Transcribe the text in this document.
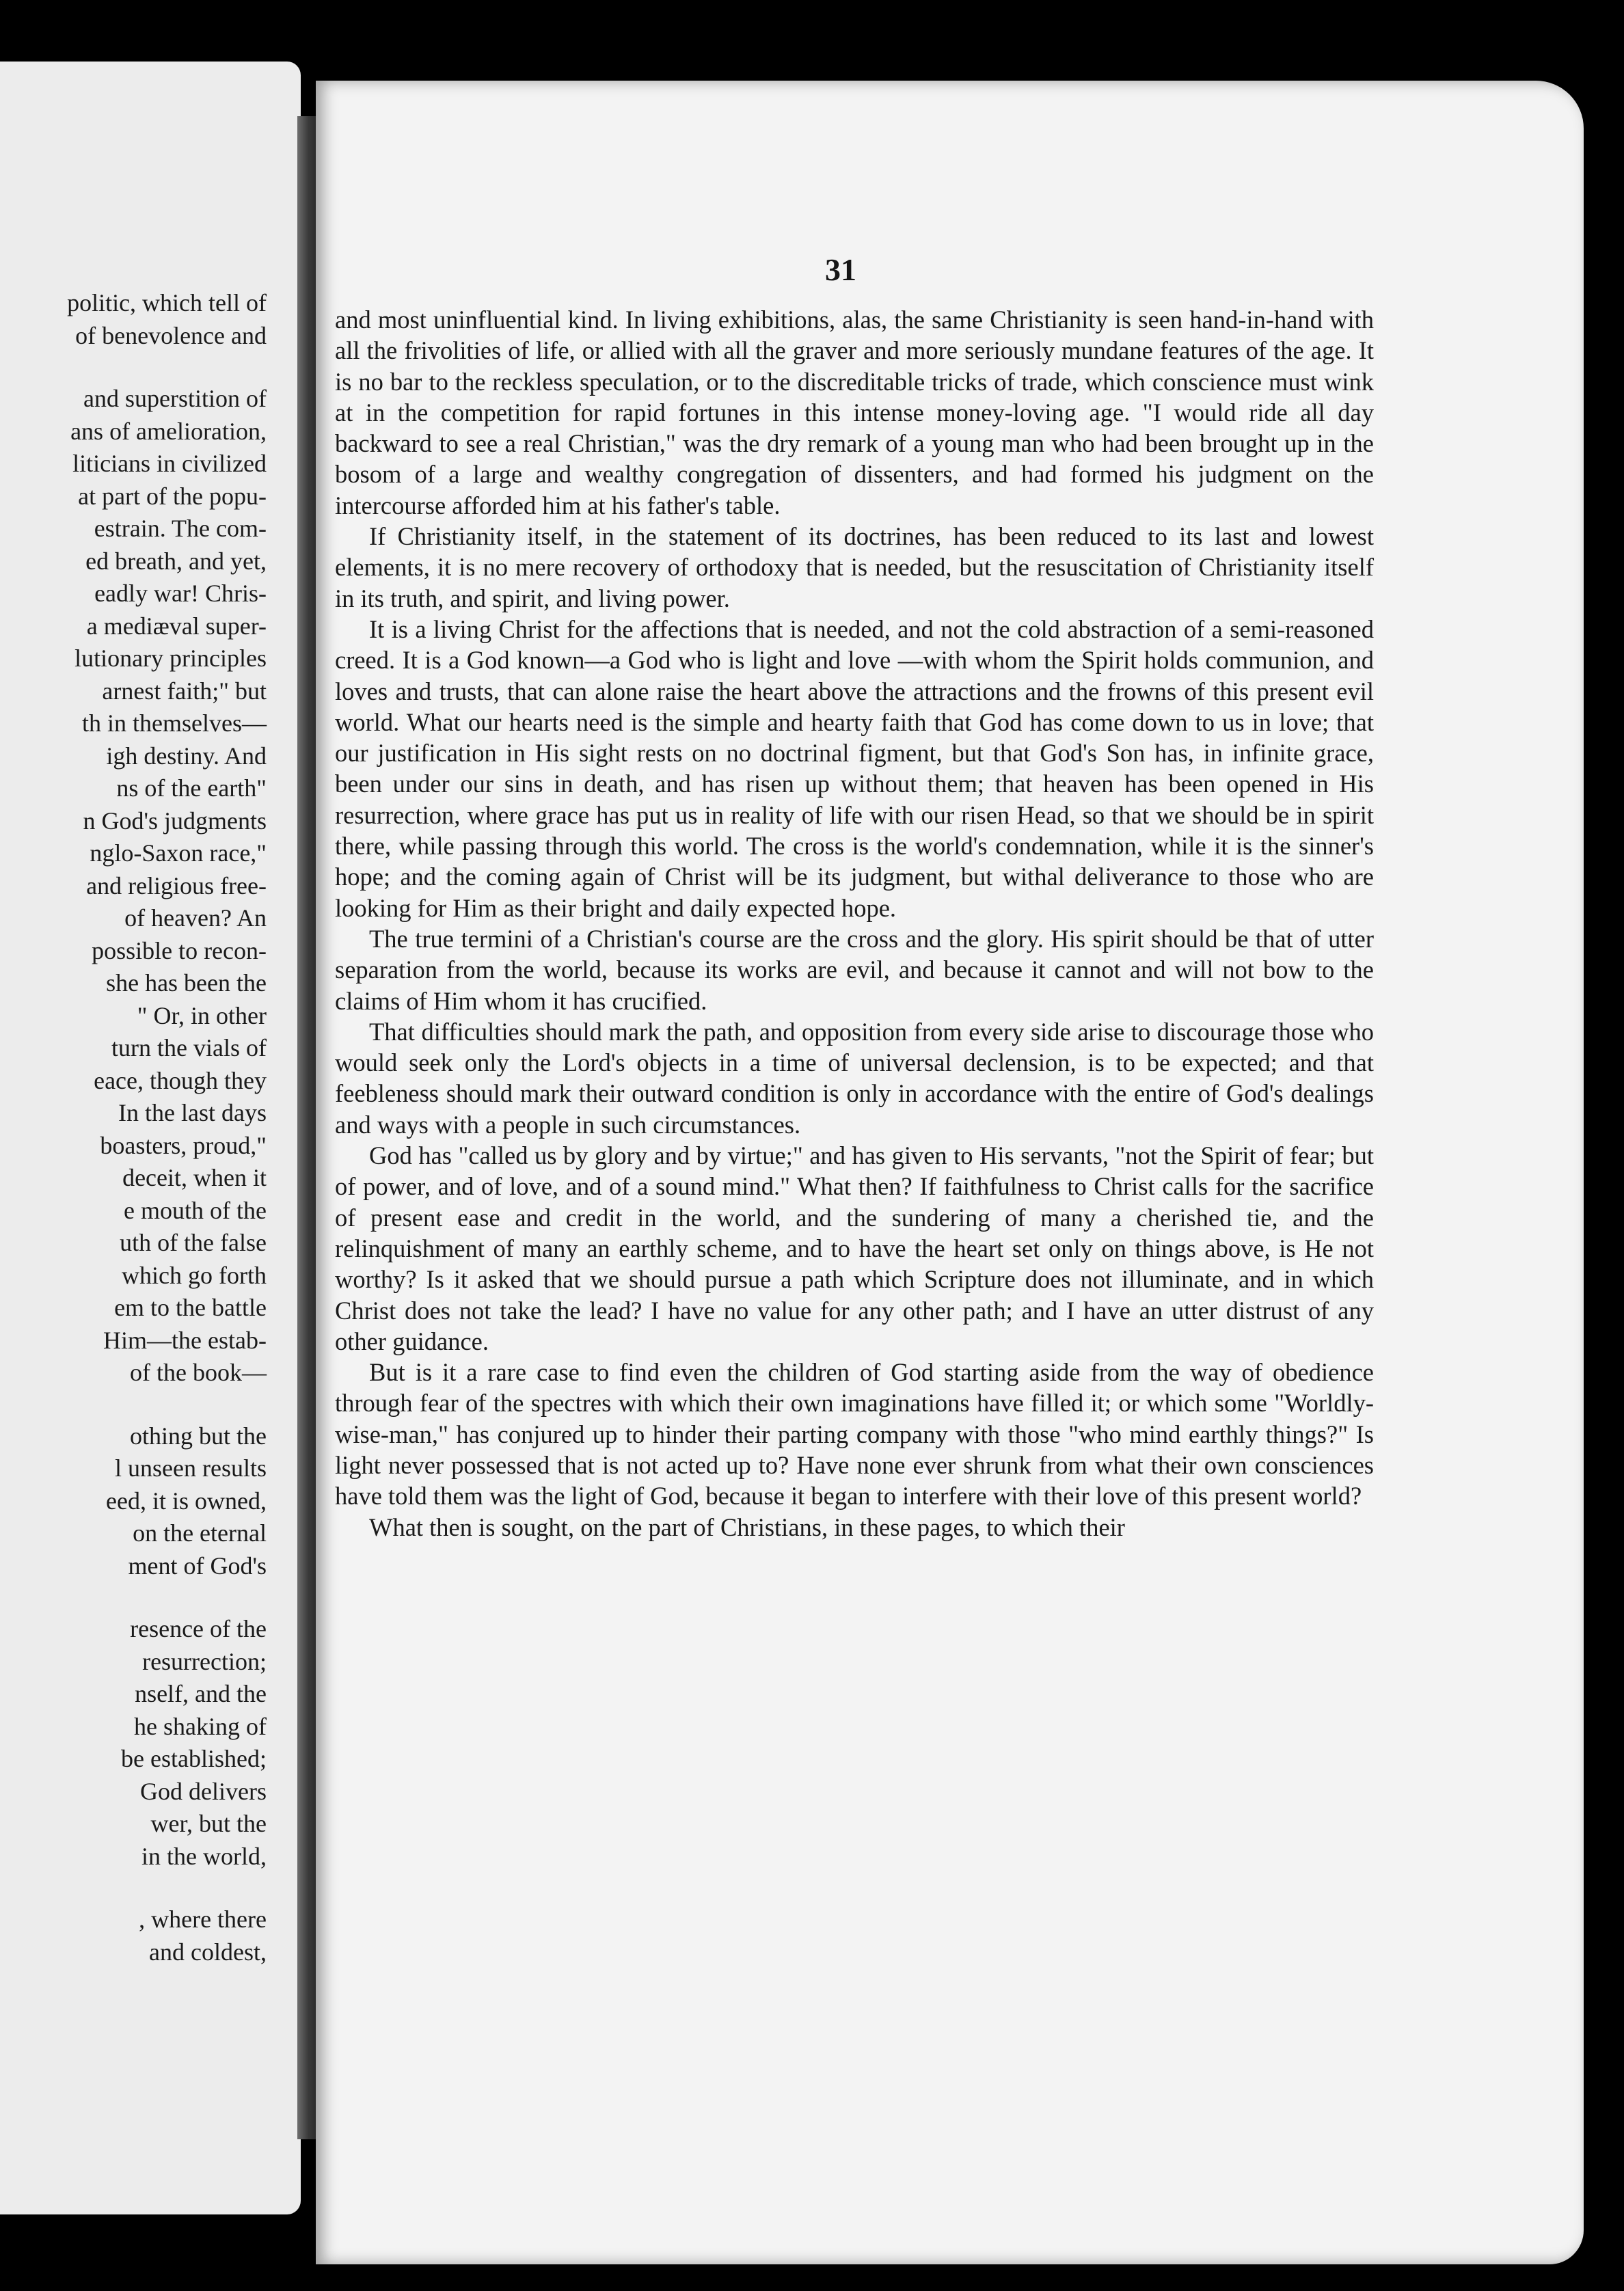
politic, which tell of
of benevolence and
and superstition of
ans of amelioration,
liticians in civilized
at part of the popu-
estrain. The com-
ed breath, and yet,
eadly war! Chris-
a mediæval super-
lutionary principles
arnest faith;" but
th in themselves—
igh destiny. And
ns of the earth"
n God's judgments
nglo-Saxon race,"
and religious free-
of heaven? An
possible to recon-
she has been the
" Or, in other
turn the vials of
eace, though they
In the last days
boasters, proud,"
deceit, when it
e mouth of the
uth of the false
which go forth
em to the battle
Him—the estab-
of the book—
othing but the
l unseen results
eed, it is owned,
on the eternal
ment of God's
resence of the
resurrection;
nself, and the
he shaking of
be established;
God delivers
wer, but the
in the world,
, where there
and coldest,
31

and most uninfluential kind. In living exhibitions, alas, the same Christianity is seen hand-in-hand with all the frivolities of life, or allied with all the graver and more seriously mundane features of the age. It is no bar to the reckless speculation, or to the discreditable tricks of trade, which conscience must wink at in the competition for rapid fortunes in this intense money-loving age. "I would ride all day backward to see a real Christian," was the dry remark of a young man who had been brought up in the bosom of a large and wealthy congregation of dissenters, and had formed his judgment on the intercourse afforded him at his father's table.

If Christianity itself, in the statement of its doctrines, has been reduced to its last and lowest elements, it is no mere recovery of orthodoxy that is needed, but the resuscitation of Christianity itself in its truth, and spirit, and living power.

It is a living Christ for the affections that is needed, and not the cold abstraction of a semi-reasoned creed. It is a God known—a God who is light and love —with whom the Spirit holds communion, and loves and trusts, that can alone raise the heart above the attractions and the frowns of this present evil world. What our hearts need is the simple and hearty faith that God has come down to us in love; that our justification in His sight rests on no doctrinal figment, but that God's Son has, in infinite grace, been under our sins in death, and has risen up without them; that heaven has been opened in His resurrection, where grace has put us in reality of life with our risen Head, so that we should be in spirit there, while passing through this world. The cross is the world's condemnation, while it is the sinner's hope; and the coming again of Christ will be its judgment, but withal deliverance to those who are looking for Him as their bright and daily expected hope.

The true termini of a Christian's course are the cross and the glory. His spirit should be that of utter separation from the world, because its works are evil, and because it cannot and will not bow to the claims of Him whom it has crucified.

That difficulties should mark the path, and opposition from every side arise to discourage those who would seek only the Lord's objects in a time of universal declension, is to be expected; and that feebleness should mark their outward condition is only in accordance with the entire of God's dealings and ways with a people in such circumstances.

God has "called us by glory and by virtue;" and has given to His servants, "not the Spirit of fear; but of power, and of love, and of a sound mind." What then? If faithfulness to Christ calls for the sacrifice of present ease and credit in the world, and the sundering of many a cherished tie, and the relinquishment of many an earthly scheme, and to have the heart set only on things above, is He not worthy? Is it asked that we should pursue a path which Scripture does not illuminate, and in which Christ does not take the lead? I have no value for any other path; and I have an utter distrust of any other guidance.

But is it a rare case to find even the children of God starting aside from the way of obedience through fear of the spectres with which their own imaginations have filled it; or which some "Worldly-wise-man," has conjured up to hinder their parting company with those "who mind earthly things?" Is light never possessed that is not acted up to? Have none ever shrunk from what their own consciences have told them was the light of God, because it began to interfere with their love of this present world?

What then is sought, on the part of Christians, in these pages, to which their
